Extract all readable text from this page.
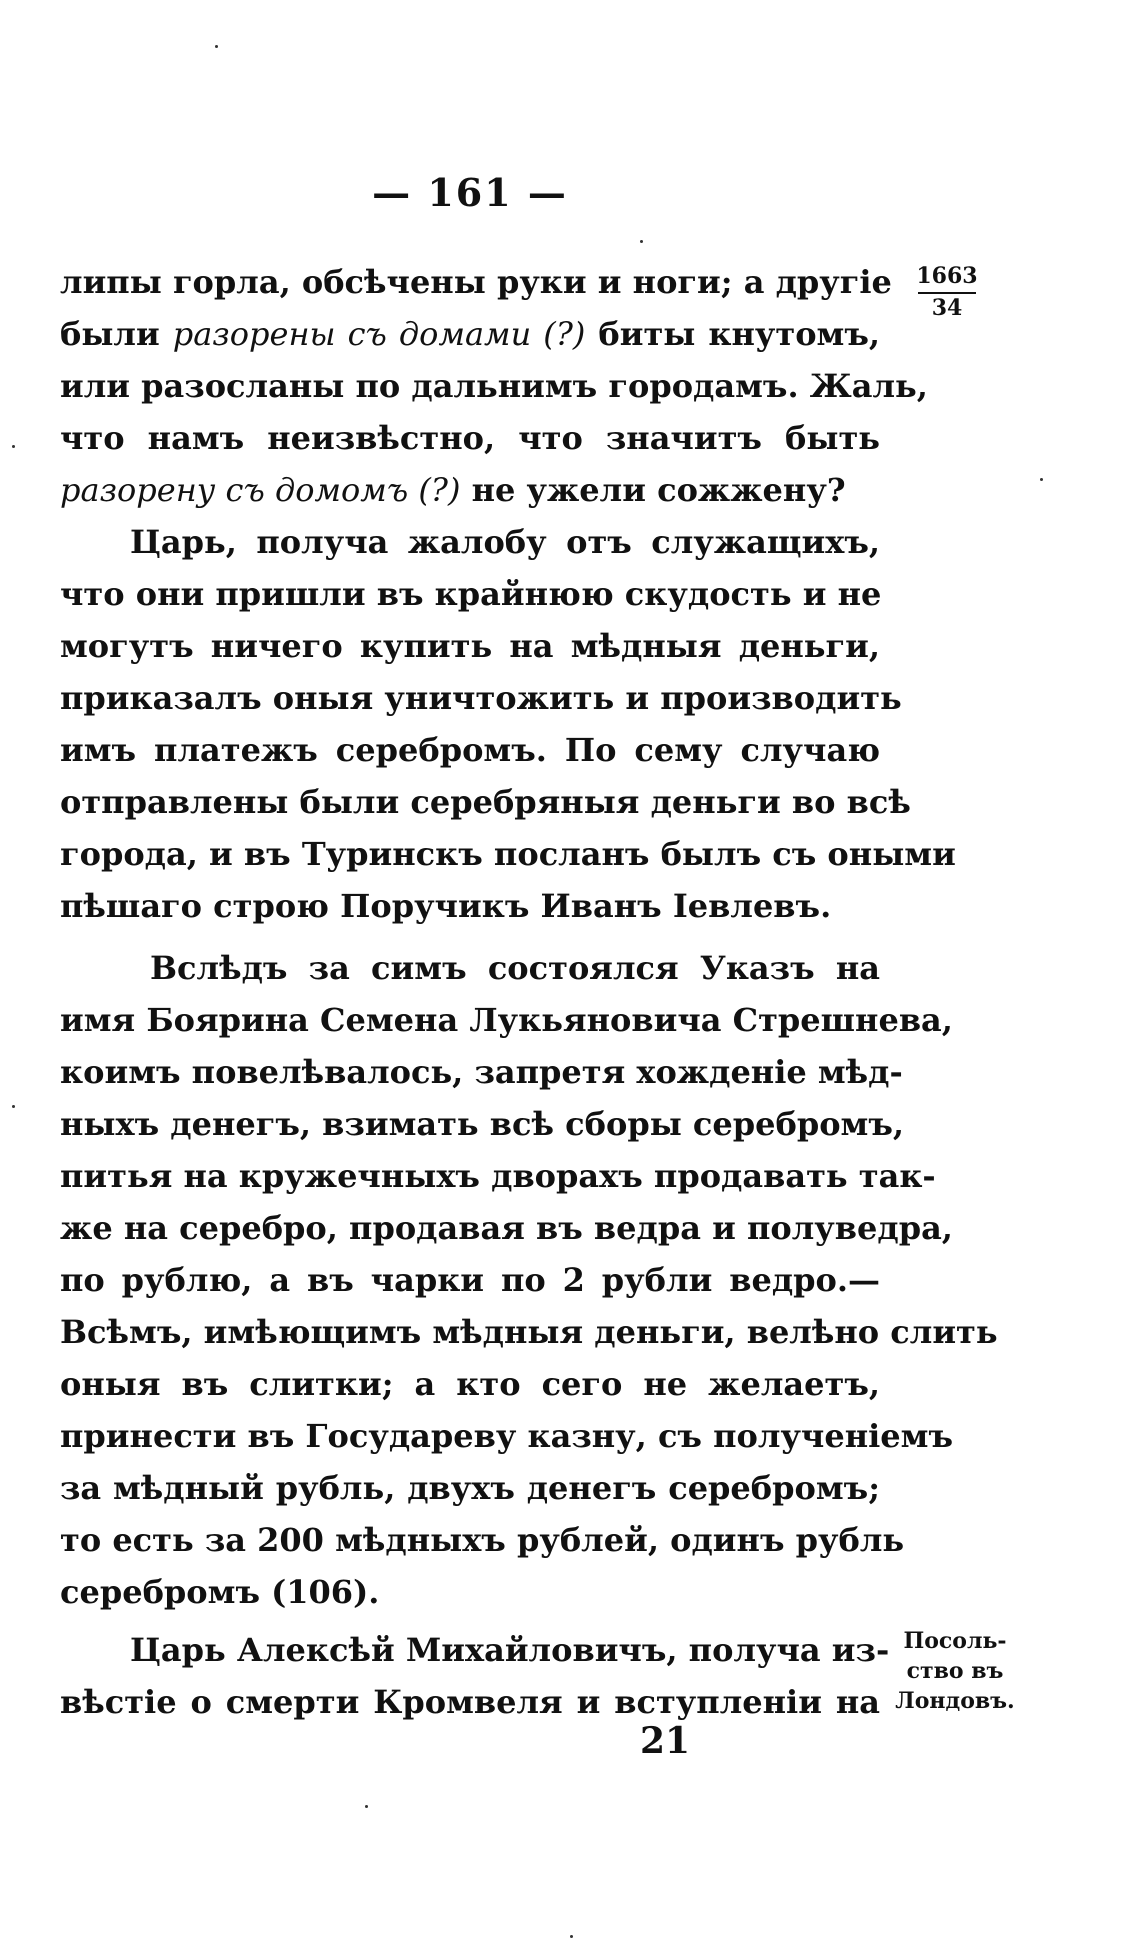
— 161 —
1663
34
липы горла, обсѣчены руки и ноги; а другіе
были разорены съ домами (?) биты кнутомъ,
или разосланы по дальнимъ городамъ. Жаль,
что намъ неизвѣстно, что значитъ быть
разорену съ домомъ (?) не ужели сожжену?
Царь, получа жалобу отъ служащихъ,
что они пришли въ крайнюю скудость и не
могутъ ничего купить на мѣдныя деньги,
приказалъ оныя уничтожить и производить
имъ платежъ серебромъ. По сему случаю
отправлены были серебряныя деньги во всѣ
города, и въ Туринскъ посланъ былъ съ оными
пѣшаго строю Поручикъ Иванъ Іевлевъ.
Вслѣдъ за симъ состоялся Указъ на
имя Боярина Семена Лукьяновича Стрешнева,
коимъ повелѣвалось, запретя хожденіе мѣд-
ныхъ денегъ, взимать всѣ сборы серебромъ,
питья на кружечныхъ дворахъ продавать так-
же на серебро, продавая въ ведра и полуведра,
по рублю, а въ чарки по 2 рубли ведро.—
Всѣмъ, имѣющимъ мѣдныя деньги, велѣно слить
оныя въ слитки; а кто сего не желаетъ,
принести въ Государеву казну, съ полученіемъ
за мѣдный рубль, двухъ денегъ серебромъ;
то есть за 200 мѣдныхъ рублей, одинъ рубль
серебромъ (106).
Царь Алексѣй Михайловичъ, получа из-
вѣстіе о смерти Кромвеля и вступленіи на
Посоль-
ство въ
Лондовъ.
21
